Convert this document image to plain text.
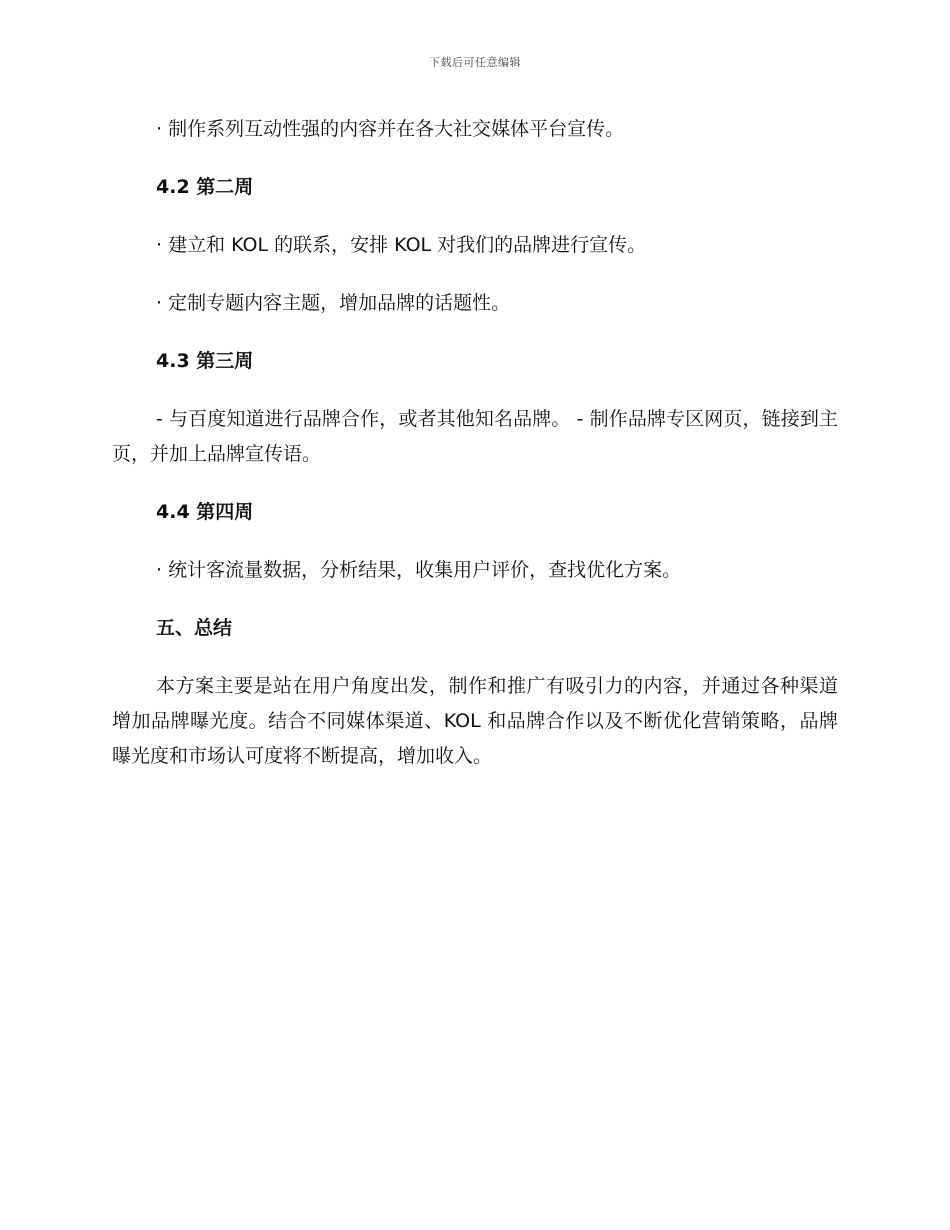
下载后可任意编辑

· 制作系列互动性强的内容并在各大社交媒体平台宣传。

4.2 第二周

· 建立和 KOL 的联系，安排 KOL 对我们的品牌进行宣传。

· 定制专题内容主题，增加品牌的话题性。

4.3 第三周

- 与百度知道进行品牌合作，或者其他知名品牌。 - 制作品牌专区网页，链接到主页，并加上品牌宣传语。

4.4 第四周

· 统计客流量数据，分析结果，收集用户评价，查找优化方案。

五、总结

本方案主要是站在用户角度出发，制作和推广有吸引力的内容，并通过各种渠道增加品牌曝光度。结合不同媒体渠道、KOL 和品牌合作以及不断优化营销策略，品牌曝光度和市场认可度将不断提高，增加收入。
